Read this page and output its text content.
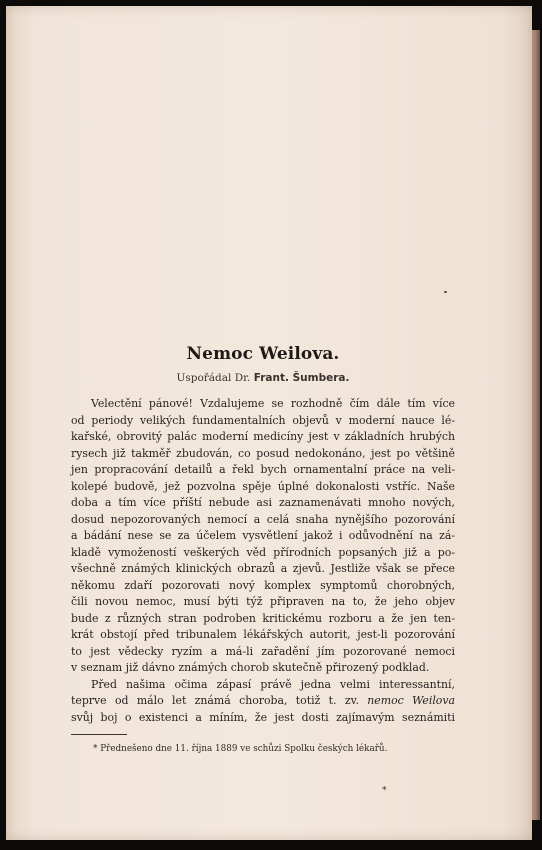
Nemoc Weilova.
Uspořádal Dr. Frant. Šumbera.

Velectění pánové! Vzdalujeme se rozhodně čím dále tím více
od periody velikých fundamentalních objevů v moderní nauce lé-
kařské, obrovitý palác moderní medicíny jest v základních hrubých
rysech již takměř zbudován, co posud nedokonáno, jest po většině
jen propracování detailů a řekl bych ornamentalní práce na veli-
kolepé budově, jež pozvolna spěje úplné dokonalosti vstříc. Naše
doba a tím více příští nebude asi zaznamenávati mnoho nových,
dosud nepozorovaných nemocí a celá snaha nynějšího pozorování
a bádání nese se za účelem vysvětlení jakož i odůvodnění na zá-
kladě vymožeností veškerých věd přírodních popsaných již a po-
všechně známých klinických obrazů a zjevů. Jestliže však se přece
někomu zdaří pozorovati nový komplex symptomů chorobných,
čili novou nemoc, musí býti týž připraven na to, že jeho objev
bude z různých stran podroben kritickému rozboru a že jen ten-
krát obstojí před tribunalem lékářských autorit, jest-li pozorování
to jest vědecky ryzím a má-li zařadění jím pozorované nemoci
v seznam již dávno známých chorob skutečně přirozený podklad.

Před našima očima zápasí právě jedna velmi interessantní,
teprve od málo let známá choroba, totiž t. zv. nemoc Weilova
svůj boj o existenci a míním, že jest dosti zajímavým seznámiti

* Přednešeno dne 11. října 1889 ve schůzi Spolku českých lékařů.
*
